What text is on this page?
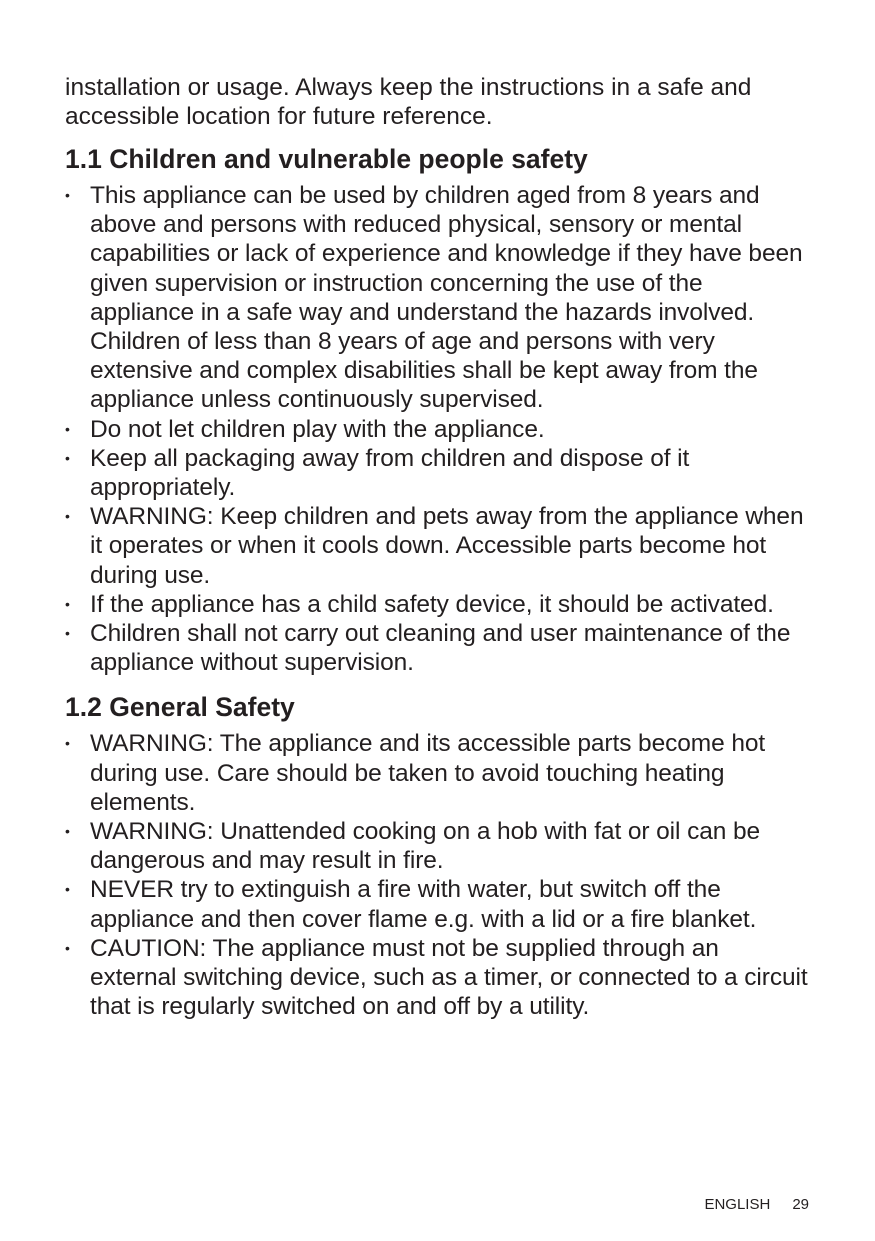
installation or usage. Always keep the instructions in a safe and accessible location for future reference.

1.1 Children and vulnerable people safety
• This appliance can be used by children aged from 8 years and above and persons with reduced physical, sensory or mental capabilities or lack of experience and knowledge if they have been given supervision or instruction concerning the use of the appliance in a safe way and understand the hazards involved. Children of less than 8 years of age and persons with very extensive and complex disabilities shall be kept away from the appliance unless continuously supervised.
• Do not let children play with the appliance.
• Keep all packaging away from children and dispose of it appropriately.
• WARNING: Keep children and pets away from the appliance when it operates or when it cools down. Accessible parts become hot during use.
• If the appliance has a child safety device, it should be activated.
• Children shall not carry out cleaning and user maintenance of the appliance without supervision.
1.2 General Safety
• WARNING: The appliance and its accessible parts become hot during use. Care should be taken to avoid touching heating elements.
• WARNING: Unattended cooking on a hob with fat or oil can be dangerous and may result in fire.
• NEVER try to extinguish a fire with water, but switch off the appliance and then cover flame e.g. with a lid or a fire blanket.
• CAUTION: The appliance must not be supplied through an external switching device, such as a timer, or connected to a circuit that is regularly switched on and off by a utility.
ENGLISH 29
